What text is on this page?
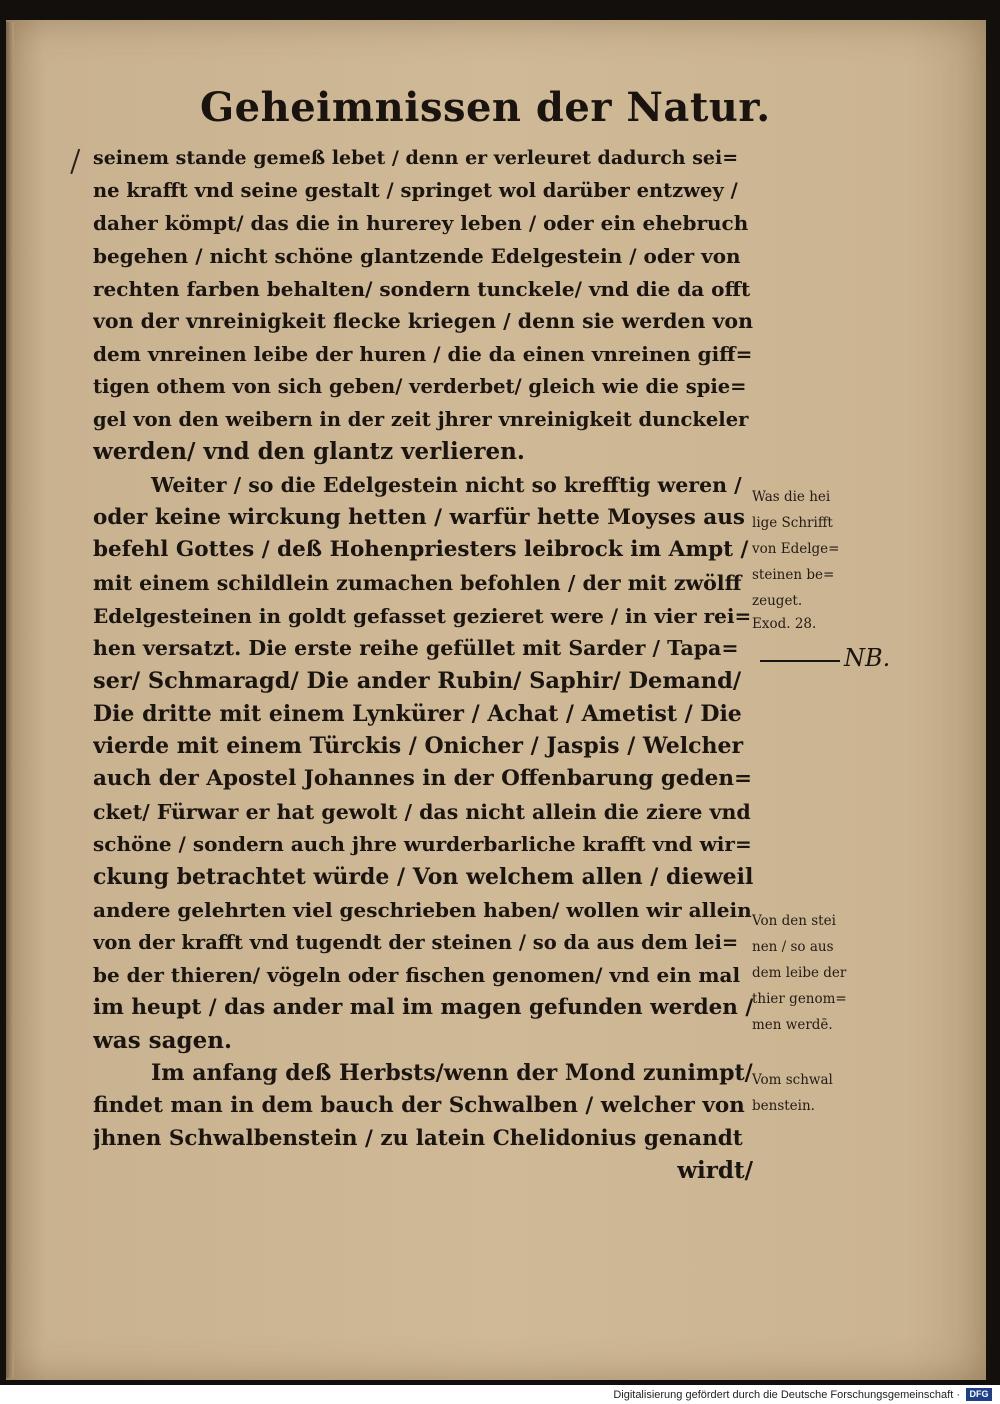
Geheimnissen der Natur.
seinem stande gemeß lebet / denn er verleuret dadurch sei=
ne krafft vnd seine gestalt / springet wol darüber entzwey /
daher kömpt/ das die in hurerey leben / oder ein ehebruch
begehen / nicht schöne glantzende Edelgestein / oder von
rechten farben behalten/ sondern tunckele/ vnd die da offt
von der vnreinigkeit flecke kriegen / denn sie werden von
dem vnreinen leibe der huren / die da einen vnreinen giff=
tigen othem von sich geben/ verderbet/ gleich wie die spie=
gel von den weibern in der zeit jhrer vnreinigkeit dunckeler
werden/ vnd den glantz verlieren.
Weiter / so die Edelgestein nicht so krefftig weren /
oder keine wirckung hetten / warfür hette Moyses aus
befehl Gottes / deß Hohenpriesters leibrock im Ampt /
mit einem schildlein zumachen befohlen / der mit zwölff
Edelgesteinen in goldt gefasset gezieret were / in vier rei=
hen versatzt. Die erste reihe gefüllet mit Sarder / Tapa=
ser/ Schmaragd/ Die ander Rubin/ Saphir/ Demand/
Die dritte mit einem Lynkürer / Achat / Ametist / Die
vierde mit einem Türckis / Onicher / Jaspis / Welcher
auch der Apostel Johannes in der Offenbarung geden=
cket/ Fürwar er hat gewolt / das nicht allein die ziere vnd
schöne / sondern auch jhre wurderbarliche krafft vnd wir=
ckung betrachtet würde / Von welchem allen / dieweil
andere gelehrten viel geschrieben haben/ wollen wir allein
von der krafft vnd tugendt der steinen / so da aus dem lei=
be der thieren/ vögeln oder fischen genomen/ vnd ein mal
im heupt / das ander mal im magen gefunden werden /
was sagen.
Im anfang deß Herbsts/wenn der Mond zunimpt/
findet man in dem bauch der Schwalben / welcher von
jhnen Schwalbenstein / zu latein Chelidonius genandt
wirdt/
Was die hei
lige Schrifft
von Edelge=
steinen be=
zeuget.
Exod. 28.
Von den stei
nen / so aus
dem leibe der
thier genom=
men werdē.
Vom schwal
benstein.
NB.
Digitalisierung gefördert durch die Deutsche Forschungsgemeinschaft ·	DFG
